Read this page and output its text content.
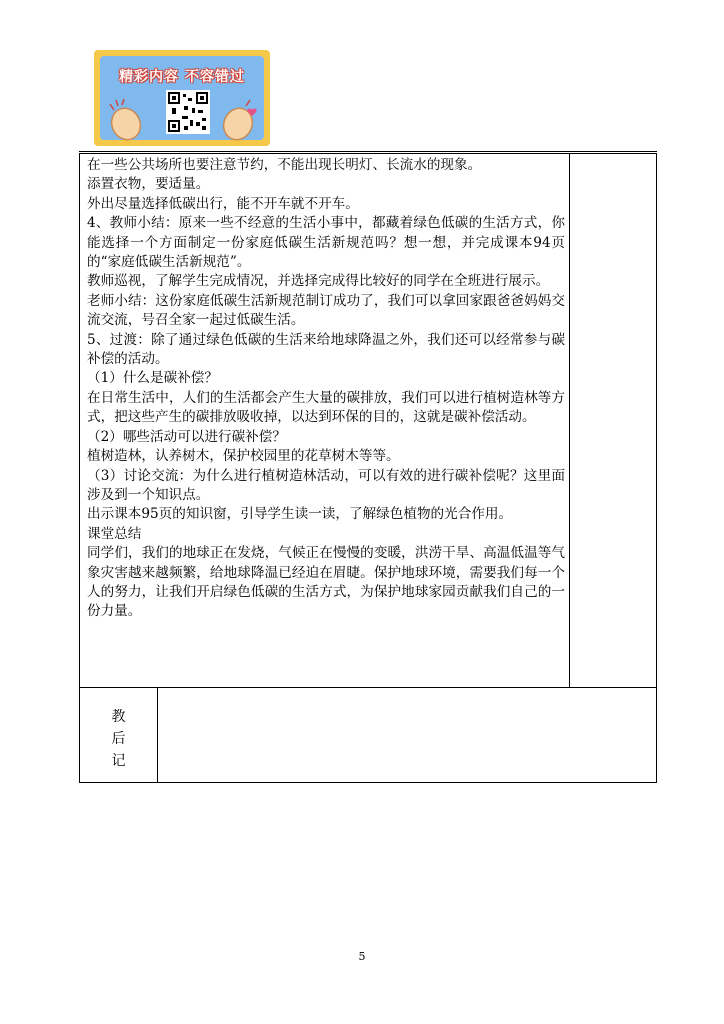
精彩内容 不容错过

在一些公共场所也要注意节约，不能出现长明灯、长流水的现象。

添置衣物，要适量。

外出尽量选择低碳出行，能不开车就不开车。

4、教师小结：原来一些不经意的生活小事中，都藏着绿色低碳的生活方式，你能选择一个方面制定一份家庭低碳生活新规范吗？想一想，并完成课本94页的“家庭低碳生活新规范”。

教师巡视，了解学生完成情况，并选择完成得比较好的同学在全班进行展示。

老师小结：这份家庭低碳生活新规范制订成功了，我们可以拿回家跟爸爸妈妈交流交流，号召全家一起过低碳生活。

5、过渡：除了通过绿色低碳的生活来给地球降温之外，我们还可以经常参与碳补偿的活动。

（1）什么是碳补偿？

在日常生活中，人们的生活都会产生大量的碳排放，我们可以进行植树造林等方式，把这些产生的碳排放吸收掉，以达到环保的目的，这就是碳补偿活动。

（2）哪些活动可以进行碳补偿？

植树造林，认养树木，保护校园里的花草树木等等。

（3）讨论交流：为什么进行植树造林活动，可以有效的进行碳补偿呢？这里面涉及到一个知识点。

出示课本95页的知识窗，引导学生读一读，了解绿色植物的光合作用。

课堂总结

同学们，我们的地球正在发烧，气候正在慢慢的变暖，洪涝干旱、高温低温等气象灾害越来越频繁，给地球降温已经迫在眉睫。保护地球环境，需要我们每一个人的努力，让我们开启绿色低碳的生活方式，为保护地球家园贡献我们自己的一份力量。

教
后
记
5
